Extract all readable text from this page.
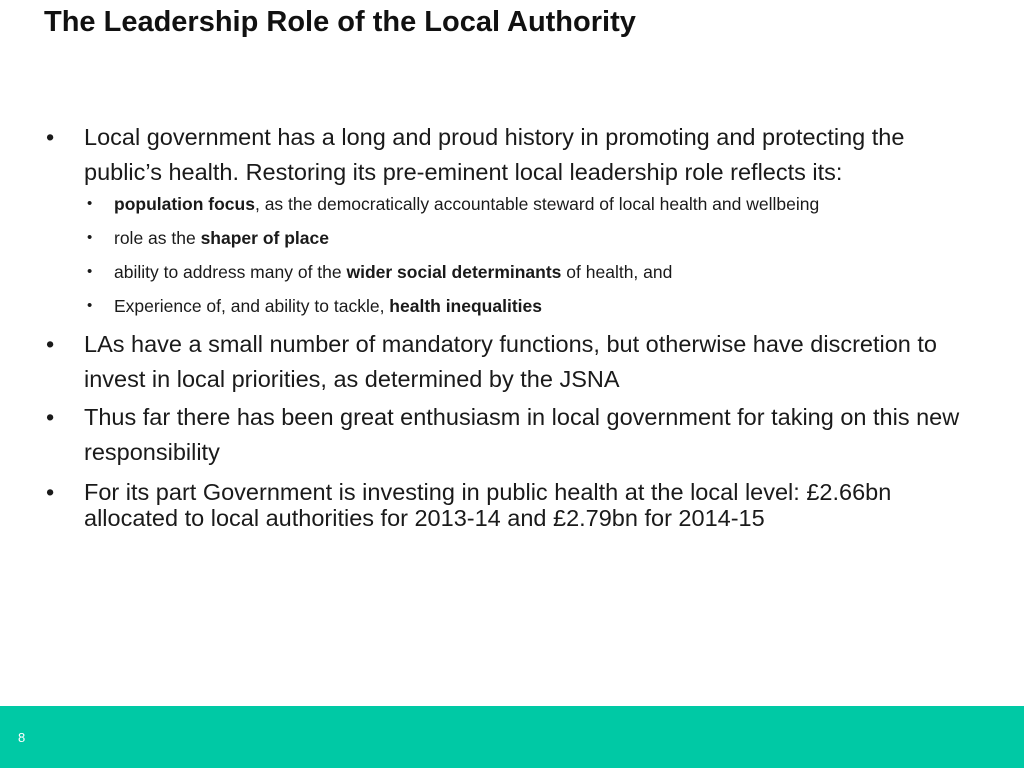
The Leadership Role of the Local Authority
• Local government has a long and proud history in promoting and protecting the public’s health. Restoring its pre-eminent local leadership role reflects its:
• population focus, as the democratically accountable steward of local health and wellbeing
• role as the shaper of place
• ability to address many of the wider social determinants of health, and
• Experience of, and ability to tackle, health inequalities
• LAs have a small number of mandatory functions, but otherwise have discretion to invest in local priorities, as determined by the JSNA
• Thus far there has been great enthusiasm in local government for taking on this new responsibility
• For its part Government is investing in public health at the local level: £2.66bn allocated to local authorities for 2013-14 and £2.79bn for 2014-15
8
